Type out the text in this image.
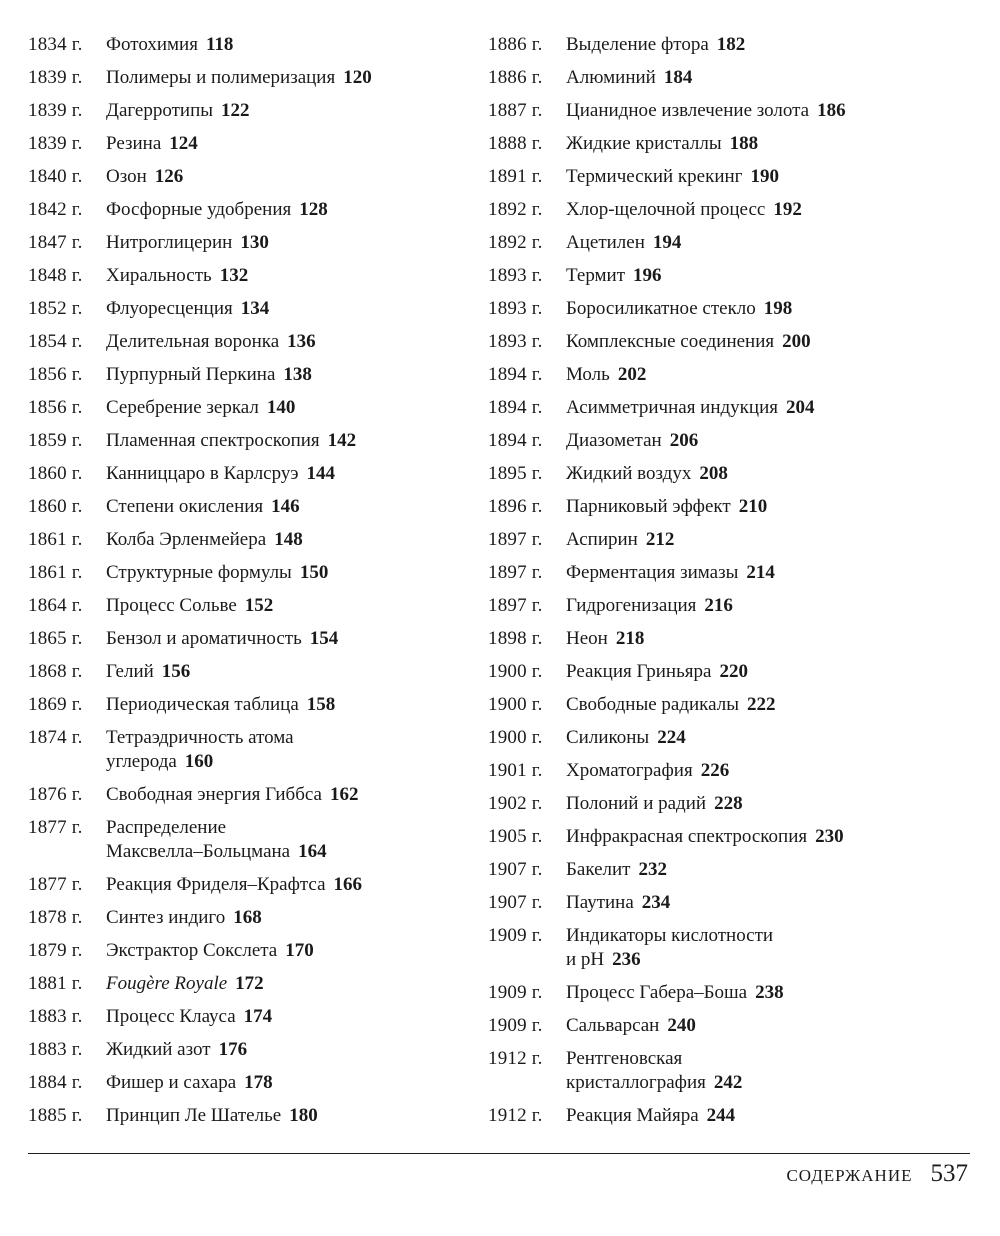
1834 г.	Фотохимия 118
1839 г.	Полимеры и полимеризация 120
1839 г.	Дагерротипы 122
1839 г.	Резина 124
1840 г.	Озон 126
1842 г.	Фосфорные удобрения 128
1847 г.	Нитроглицерин 130
1848 г.	Хиральность 132
1852 г.	Флуоресценция 134
1854 г.	Делительная воронка 136
1856 г.	Пурпурный Перкина 138
1856 г.	Серебрение зеркал 140
1859 г.	Пламенная спектроскопия 142
1860 г.	Канниццаро в Карлсруэ 144
1860 г.	Степени окисления 146
1861 г.	Колба Эрленмейера 148
1861 г.	Структурные формулы 150
1864 г.	Процесс Сольве 152
1865 г.	Бензол и ароматичность 154
1868 г.	Гелий 156
1869 г.	Периодическая таблица 158
1874 г.	Тетраэдричность атома
углерода 160
1876 г.	Свободная энергия Гиббса 162
1877 г.	Распределение
Максвелла–Больцмана 164
1877 г.	Реакция Фриделя–Крафтса 166
1878 г.	Синтез индиго 168
1879 г.	Экстрактор Сокслета 170
1881 г.	Fougère Royale 172
1883 г.	Процесс Клауса 174
1883 г.	Жидкий азот 176
1884 г.	Фишер и сахара 178
1885 г.	Принцип Ле Шателье 180
1886 г.	Выделение фтора 182
1886 г.	Алюминий 184
1887 г.	Цианидное извлечение золота 186
1888 г.	Жидкие кристаллы 188
1891 г.	Термический крекинг 190
1892 г.	Хлор-щелочной процесс 192
1892 г.	Ацетилен 194
1893 г.	Термит 196
1893 г.	Боросиликатное стекло 198
1893 г.	Комплексные соединения 200
1894 г.	Моль 202
1894 г.	Асимметричная индукция 204
1894 г.	Диазометан 206
1895 г.	Жидкий воздух 208
1896 г.	Парниковый эффект 210
1897 г.	Аспирин 212
1897 г.	Ферментация зимазы 214
1897 г.	Гидрогенизация 216
1898 г.	Неон 218
1900 г.	Реакция Гриньяра 220
1900 г.	Свободные радикалы 222
1900 г.	Силиконы 224
1901 г.	Хроматография 226
1902 г.	Полоний и радий 228
1905 г.	Инфракрасная спектроскопия 230
1907 г.	Бакелит 232
1907 г.	Паутина 234
1909 г.	Индикаторы кислотности
и pH 236
1909 г.	Процесс Габера–Боша 238
1909 г.	Сальварсан 240
1912 г.	Рентгеновская
кристаллография 242
1912 г.	Реакция Майяра 244
СОДЕРЖАНИЕ 537
